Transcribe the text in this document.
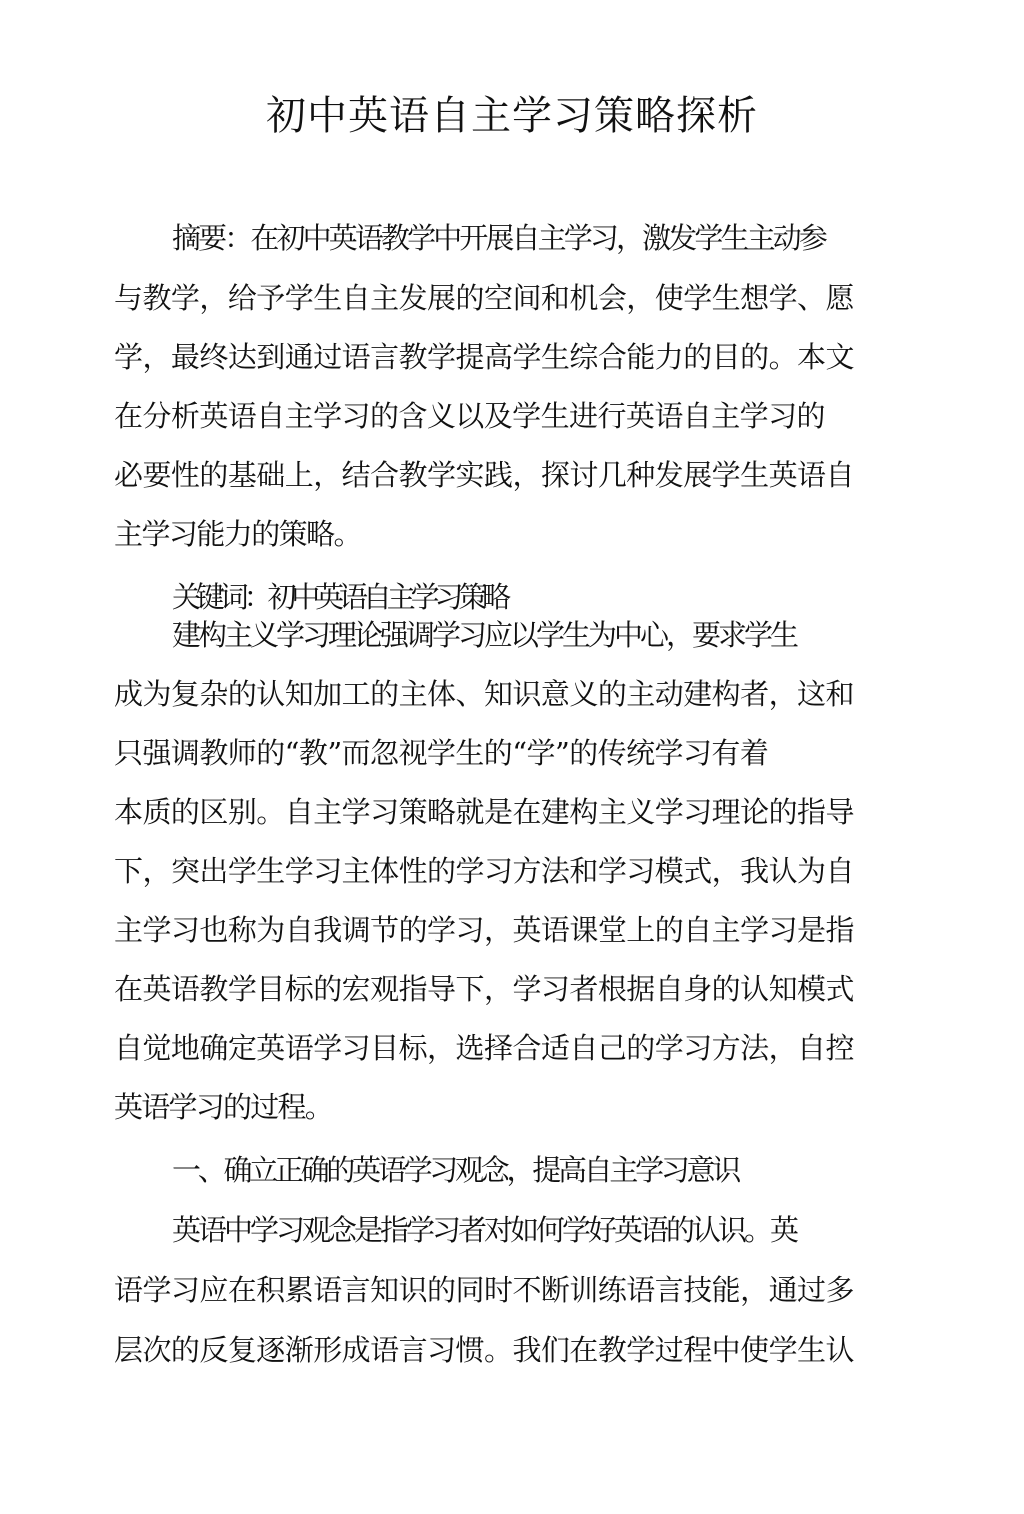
初中英语自主学习策略探析
摘要：在初中英语教学中开展自主学习，激发学生主动参
与教学，给予学生自主发展的空间和机会，使学生想学、愿
学，最终达到通过语言教学提高学生综合能力的目的。本文
在分析英语自主学习的含义以及学生进行英语自主学习的
必要性的基础上，结合教学实践，探讨几种发展学生英语自
主学习能力的策略。
关键词：初中英语自主学习策略
建构主义学习理论强调学习应以学生为中心，要求学生
成为复杂的认知加工的主体、知识意义的主动建构者，这和
只强调教师的“教”而忽视学生的“学”的传统学习有着
本质的区别。自主学习策略就是在建构主义学习理论的指导
下，突出学生学习主体性的学习方法和学习模式，我认为自
主学习也称为自我调节的学习，英语课堂上的自主学习是指
在英语教学目标的宏观指导下，学习者根据自身的认知模式
自觉地确定英语学习目标，选择合适自己的学习方法，自控
英语学习的过程。
一、确立正确的英语学习观念，提高自主学习意识
英语中学习观念是指学习者对如何学好英语的认识。英
语学习应在积累语言知识的同时不断训练语言技能，通过多
层次的反复逐渐形成语言习惯。我们在教学过程中使学生认
